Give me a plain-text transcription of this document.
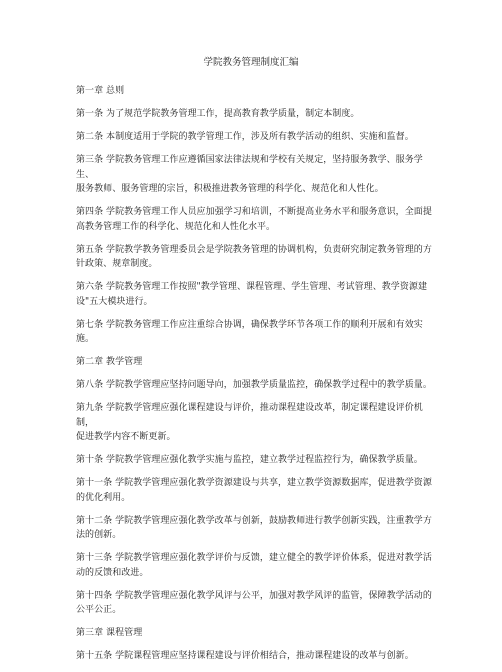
学院教务管理制度汇编

第一章 总则

第一条 为了规范学院教务管理工作，提高教育教学质量，制定本制度。

第二条 本制度适用于学院的教学管理工作，涉及所有教学活动的组织、实施和监督。

第三条 学院教务管理工作应遵循国家法律法规和学校有关规定，坚持服务教学、服务学生、
服务教师、服务管理的宗旨，积极推进教务管理的科学化、规范化和人性化。

第四条 学院教务管理工作人员应加强学习和培训，不断提高业务水平和服务意识，全面提
高教务管理工作的科学化、规范化和人性化水平。

第五条 学院教学教务管理委员会是学院教务管理的协调机构，负责研究制定教务管理的方
针政策、规章制度。

第六条 学院教务管理工作按照"教学管理、课程管理、学生管理、考试管理、教学资源建
设"五大模块进行。

第七条 学院教务管理工作应注重综合协调，确保教学环节各项工作的顺利开展和有效实施。

第二章 教学管理

第八条 学院教学管理应坚持问题导向，加强教学质量监控，确保教学过程中的教学质量。

第九条 学院教学管理应强化课程建设与评价，推动课程建设改革，制定课程建设评价机制，
促进教学内容不断更新。

第十条 学院教学管理应强化教学实施与监控，建立教学过程监控行为，确保教学质量。

第十一条 学院教学管理应强化教学资源建设与共享，建立教学资源数据库，促进教学资源
的优化利用。

第十二条 学院教学管理应强化教学改革与创新，鼓励教师进行教学创新实践，注重教学方
法的创新。

第十三条 学院教学管理应强化教学评价与反馈，建立健全的教学评价体系，促进对教学活
动的反馈和改进。

第十四条 学院教学管理应强化教学风评与公平，加强对教学风评的监管，保障教学活动的
公平公正。

第三章 课程管理

第十五条 学院课程管理应坚持课程建设与评价相结合，推动课程建设的改革与创新。
